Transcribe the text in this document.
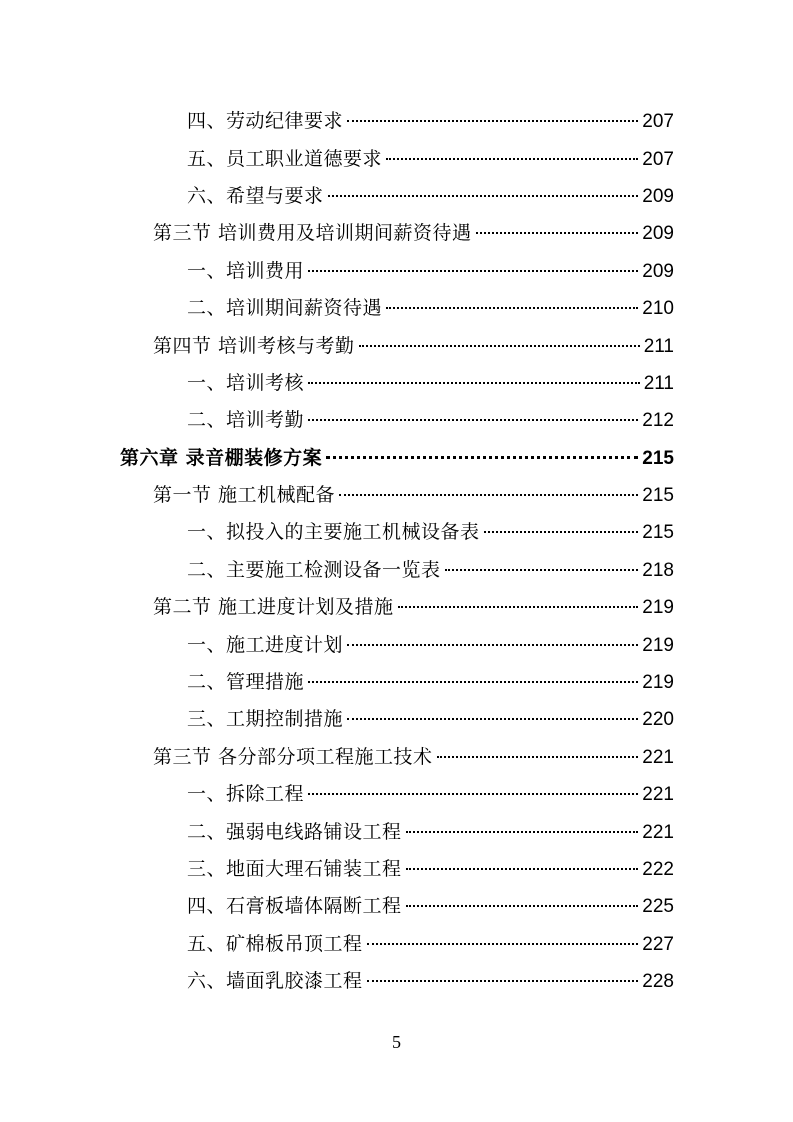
四、劳动纪律要求	207
五、员工职业道德要求	207
六、希望与要求	209
第三节 培训费用及培训期间薪资待遇	209
一、培训费用	209
二、培训期间薪资待遇	210
第四节 培训考核与考勤	211
一、培训考核	211
二、培训考勤	212
第六章 录音棚装修方案	215
第一节 施工机械配备	215
一、拟投入的主要施工机械设备表	215
二、主要施工检测设备一览表	218
第二节 施工进度计划及措施	219
一、施工进度计划	219
二、管理措施	219
三、工期控制措施	220
第三节 各分部分项工程施工技术	221
一、拆除工程	221
二、强弱电线路铺设工程	221
三、地面大理石铺装工程	222
四、石膏板墙体隔断工程	225
五、矿棉板吊顶工程	227
六、墙面乳胶漆工程	228
5
